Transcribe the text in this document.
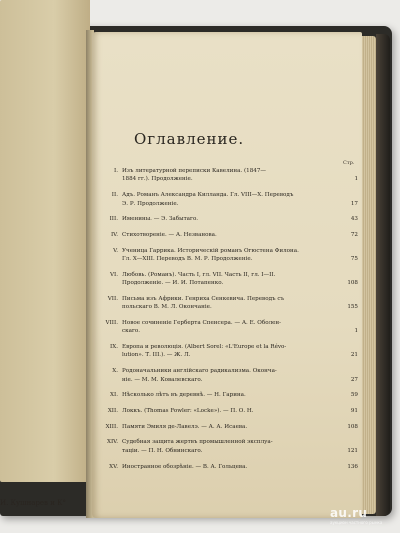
И. Кушнарев и К°
Оглавление.
Стр.
I. Изъ литературной переписки Кавелина. (1847—
1884 гг.). Продолженіе.	1
II. Адъ. Романъ Александра Килланда. Гл. VIII—X. Переводъ
Э. Р. Продолженіе.	17
III. Именины. — Э. Забытаго.	43
IV. Стихотвореніе. — А. Незванова.	72
V. Ученица Гаррика. Историческій романъ Огюстена Филона.
Гл. X—XIII. Переводъ В. М. Р. Продолженіе.	75
VI. Любовь. (Романъ). Часть I, гл. VII. Часть II, гл. I—II.
Продолженіе. — И. И. Потапенко.	108
VII. Письма изъ Африки. Генриха Сенкевича. Переводъ съ
польскаго В. М. Л. Окончаніе.	155
VIII. Новое сочиненіе Герберта Спенсера. — А. Е. Оболен-
скаго.	1
IX. Европа и революція. (Albert Sorel: «L'Europe et la Révo-
lution». Т. III.). — Ж. Л.	21
X. Родоначальники англійскаго радикализма. Оконча-
ніе. — М. М. Ковалевскаго.	27
XI. Нѣсколько лѣтъ въ деревнѣ. — Н. Гарина.	59
XII. Локкъ. (Thomas Fowler: «Locke»). — П. О. Н.	91
XIII. Памяти Эмиля де-Лавелэ. — А. А. Исаева.	108
XIV. Судебная защита жертвъ промышленной эксплуа-
таціи. — П. Н. Обнинскаго.	121
XV. Иностранное обозрѣніе. — В. А. Гольцева.	136
au.ru
аукцион частного рынка
